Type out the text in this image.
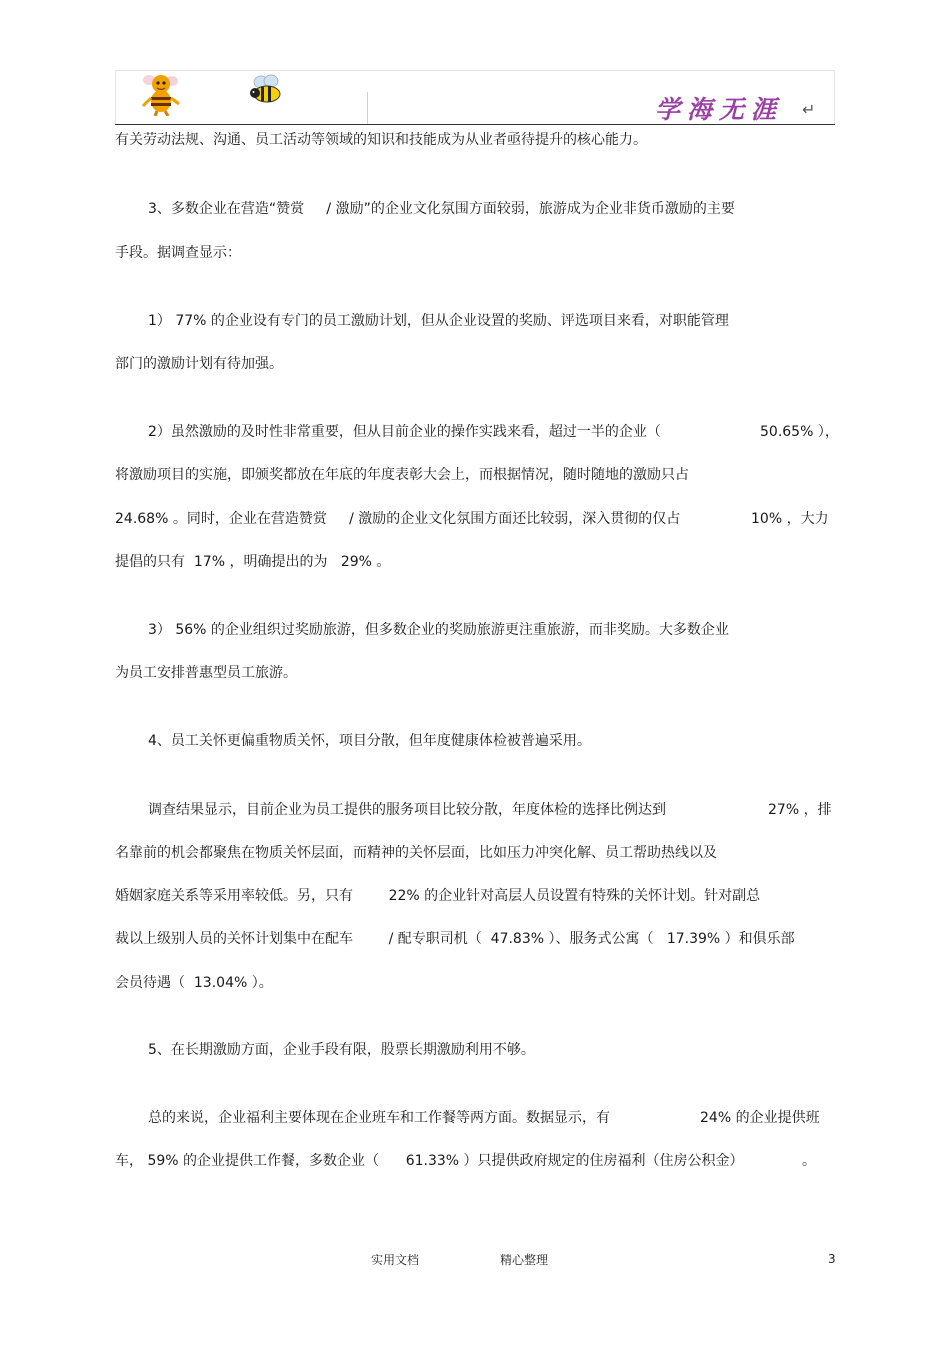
学海无涯 ↵
有关劳动法规、沟通、员工活动等领域的知识和技能成为从业者亟待提升的核心能力。
3、多数企业在营造“赞赏     / 激励”的企业文化氛围方面较弱，旅游成为企业非货币激励的主要
手段。据调查显示：
1） 77% 的企业设有专门的员工激励计划，但从企业设置的奖励、评选项目来看，对职能管理
部门的激励计划有待加强。
2）虽然激励的及时性非常重要，但从目前企业的操作实践来看，超过一半的企业（	50.65% ），
将激励项目的实施，即颁奖都放在年底的年度表彰大会上，而根据情况，随时随地的激励只占
24.68% 。同时，企业在营造赞赏     / 激励的企业文化氛围方面还比较弱，深入贯彻的仅占	10% ，大力
提倡的只有  17% ，明确提出的为   29% 。
3） 56% 的企业组织过奖励旅游，但多数企业的奖励旅游更注重旅游，而非奖励。大多数企业
为员工安排普惠型员工旅游。
4、员工关怀更偏重物质关怀，项目分散，但年度健康体检被普遍采用。
调查结果显示，目前企业为员工提供的服务项目比较分散，年度体检的选择比例达到	27% ，排
名靠前的机会都聚焦在物质关怀层面，而精神的关怀层面，比如压力冲突化解、员工帮助热线以及
婚姻家庭关系等采用率较低。另，只有        22% 的企业针对高层人员设置有特殊的关怀计划。针对副总
裁以上级别人员的关怀计划集中在配车        / 配专职司机（  47.83% ）、服务式公寓（   17.39% ）和俱乐部
会员待遇（  13.04% ）。
5、在长期激励方面，企业手段有限，股票长期激励利用不够。
总的来说，企业福利主要体现在企业班车和工作餐等两方面。数据显示，有	24% 的企业提供班
车， 59% 的企业提供工作餐，多数企业（      61.33% ）只提供政府规定的住房福利（住房公积金）	。
实用文档	精心整理	3
